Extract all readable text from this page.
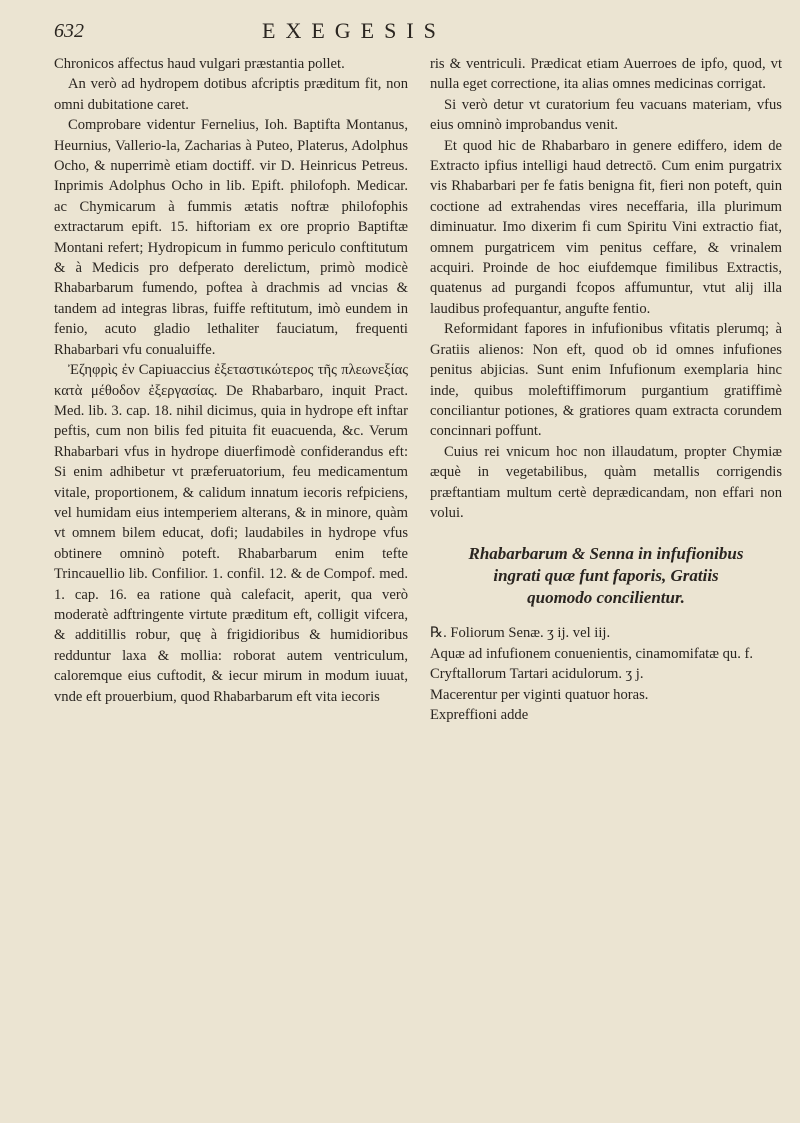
632	EXEGESIS

Chronicos affectus haud vulgari præstantia pollet.

An verò ad hydropem dotibus afcriptis præditum fit, non omni dubitatione caret.

Comprobare videntur Fernelius, Ioh. Baptifta Montanus, Heurnius, Vallerio-la, Zacharias à Puteo, Platerus, Adolphus Ocho, & nuperrimè etiam doctiff. vir D. Heinricus Petreus. Inprimis Adolphus Ocho in lib. Epift. philofoph. Medicar. ac Chymicarum à fummis ætatis noftræ philofophis extractarum epift. 15. hiftoriam ex ore proprio Baptiftæ Montani refert; Hydropicum in fummo periculo conftitutum & à Medicis pro defperato derelictum, primò modicè Rhabarbarum fumendo, poftea à drachmis ad vncias & tandem ad integras libras, fuiffe reftitutum, imò eundem in fenio, acuto gladio lethaliter fauciatum, frequenti Rhabarbari vfu conualuiffe.

Ἐζηφρὶς ἐν Capiuaccius ἐξεταστικώτερος τῆς πλεωνεξίας κατὰ μέθοδον ἐξεργασίας. De Rhabarbaro, inquit Pract. Med. lib. 3. cap. 18. nihil dicimus, quia in hydrope eft inftar peftis, cum non bilis fed pituita fit euacuenda, &c. Verum Rhabarbari vfus in hydrope diuerfimodè confiderandus eft: Si enim adhibetur vt præferuatorium, feu medicamentum vitale, proportionem, & calidum innatum iecoris refpiciens, vel humidam eius intemperiem alterans, & in minore, quàm vt omnem bilem educat, dofi; laudabiles in hydrope vfus obtinere omninò poteft. Rhabarbarum enim tefte Trincauellio lib. Confilior. 1. confil. 12. & de Compof. med. 1. cap. 16. ea ratione quà calefacit, aperit, qua verò moderatè adftringente virtute præditum eft, colligit vifcera, & additillis robur, quę à frigidioribus & humidioribus redduntur laxa & mollia: roborat autem ventriculum, caloremque eius cuftodit, & iecur mirum in modum iuuat, vnde eft prouerbium, quod Rhabarbarum eft vita iecoris

ris & ventriculi. Prædicat etiam Auerroes de ipfo, quod, vt nulla eget correctione, ita alias omnes medicinas corrigat.

Si verò detur vt curatorium feu vacuans materiam, vfus eius omninò improbandus venit.

Et quod hic de Rhabarbaro in genere ediffero, idem de Extracto ipfius intelligi haud detrectō. Cum enim purgatrix vis Rhabarbari per fe fatis benigna fit, fieri non poteft, quin coctione ad extrahendas vires neceffaria, illa plurimum diminuatur. Imo dixerim fi cum Spiritu Vini extractio fiat, omnem purgatricem vim penitus ceffare, & vrinalem acquiri. Proinde de hoc eiufdemque fimilibus Extractis, quatenus ad purgandi fcopos affumuntur, vtut alij illa laudibus profequantur, angufte fentio.

Reformidant fapores in infufionibus vfitatis plerumq; à Gratiis alienos: Non eft, quod ob id omnes infufiones penitus abjicias. Sunt enim Infufionum exemplaria hinc inde, quibus moleftiffimorum purgantium gratiffimè conciliantur potiones, & gratiores quam extracta corundem concinnari poffunt.

Cuius rei vnicum hoc non illaudatum, propter Chymiæ æquè in vegetabilibus, quàm metallis corrigendis præftantiam multum certè deprædicandam, non effari non volui.

Rhabarbarum & Senna in infufionibus
ingrati quæ funt faporis, Gratiis
quomodo concilientur.
℞. Foliorum Senæ. ʒ ij. vel iij.
Aquæ ad infufionem conuenientis, cinamomifatæ qu. f.
Cryftallorum Tartari acidulorum. ʒ j.
Macerentur per viginti quatuor horas.
Expreffioni adde
